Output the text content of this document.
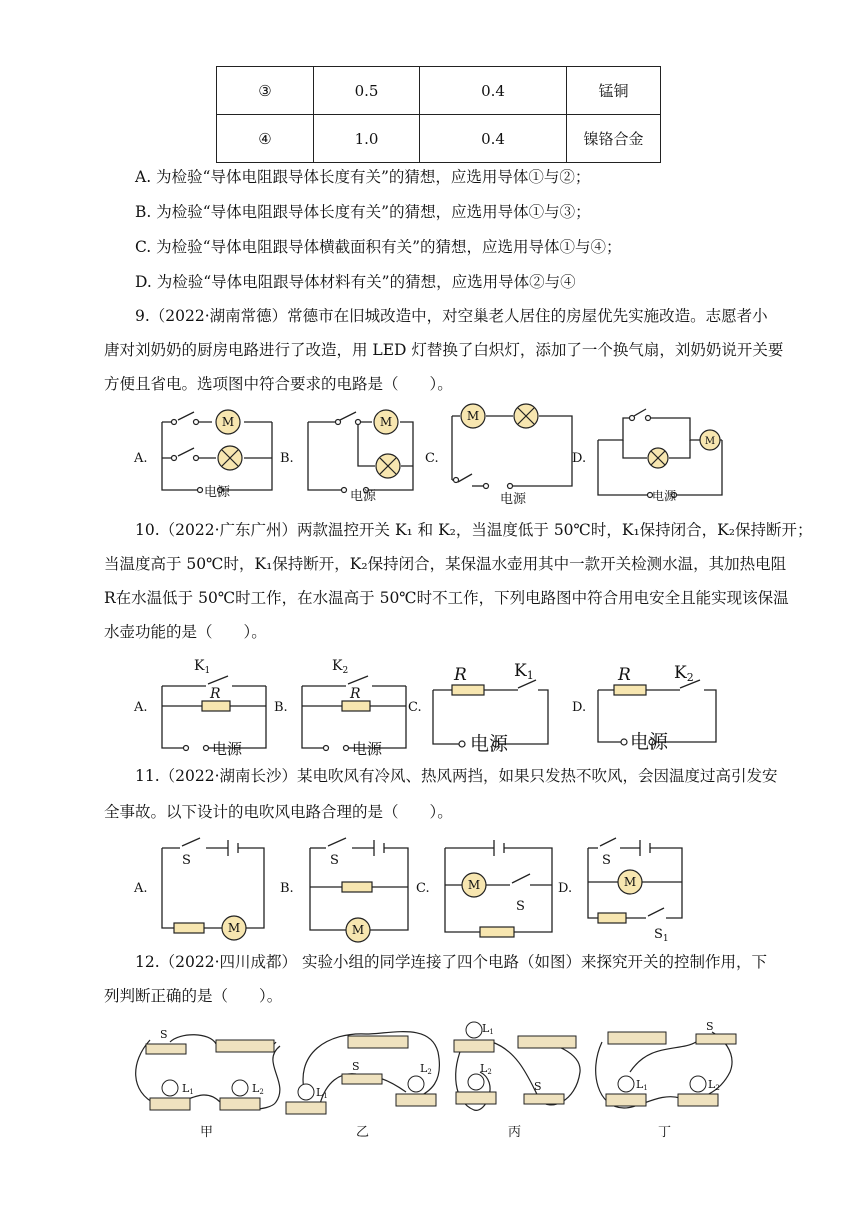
③	0.5	0.4	锰铜
④	1.0	0.4	镍铬合金
A. 为检验“导体电阻跟导体长度有关”的猜想，应选用导体①与②；
B. 为检验“导体电阻跟导体长度有关”的猜想，应选用导体①与③；
C. 为检验“导体电阻跟导体横截面积有关”的猜想，应选用导体①与④；
D. 为检验“导体电阻跟导体材料有关”的猜想，应选用导体②与④
9.（2022·湖南常德）常德市在旧城改造中，对空巢老人居住的房屋优先实施改造。志愿者小
唐对刘奶奶的厨房电路进行了改造，用 LED 灯替换了白炽灯，添加了一个换气扇，刘奶奶说开关要
方便且省电。选项图中符合要求的电路是（　　）。
M	M	M
M
电源	电源	电源	电源
A.	B.	C.	D.
10.（2022·广东广州）两款温控开关 K₁ 和 K₂，当温度低于 50℃时，K₁保持闭合，K₂保持断开；
当温度高于 50℃时，K₁保持断开，K₂保持闭合，某保温水壶用其中一款开关检测水温，其加热电阻
R在水温低于 50℃时工作，在水温高于 50℃时不工作，下列电路图中符合用电安全且能实现该保温
水壶功能的是（　　）。
R	R
R	R
$K_1$	$K_2$	K1	K2
电源	电源	电源	电源
A.	B.	C.	D.
11.（2022·湖南长沙）某电吹风有冷风、热风两挡，如果只发热不吹风，会因温度过高引发安
全事故。以下设计的电吹风电路合理的是（　　）。
M	M
M	M
S	S
S
S
$S_1$
A.	B.	C.	D.
12.（2022·四川成都） 实验小组的同学连接了四个电路（如图）来探究开关的控制作用，下
列判断正确的是（　　）。
S
L1	L2
S
L1
L2
L1
L2
S
S
L1	L2
甲	乙	丙	丁
